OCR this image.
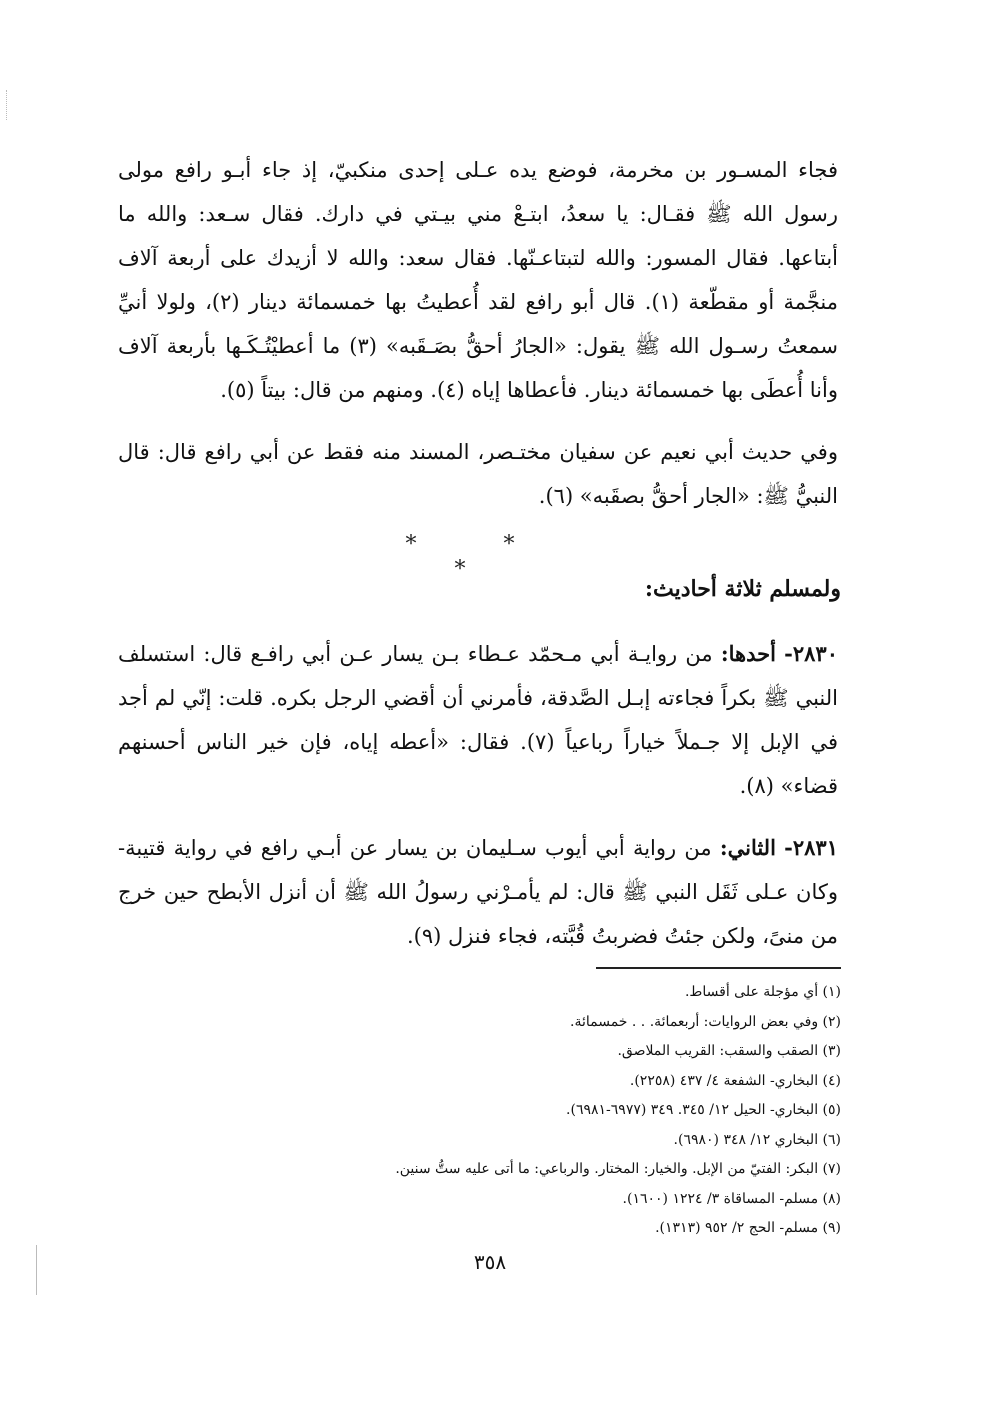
فجاء المسـور بن مخرمة، فوضع يده عـلى إحدى منكبيّ، إذ جاء أبـو رافع مولى رسول الله ﷺ فقـال: يا سعدُ، ابتـعْ مني بيـتي في دارك. فقال سـعد: والله ما أبتاعها. فقال المسور: والله لتبتاعـنّها. فقال سعد: والله لا أزيدك على أربعة آلاف منجَّمة أو مقطّعة (١). قال أبو رافع لقد أُعطيتُ بها خمسمائة دينار (٢)، ولولا أنيِّ سمعتُ رسـول الله ﷺ يقول: «الجارُ أحقُّ بصَـقَبه» (٣) ما أعطيْتُـكَـها بأربعة آلاف وأنا أُعطَى بها خمسمائة دينار. فأعطاها إياه (٤). ومنهم من قال: بيتاً (٥).

وفي حديث أبي نعيم عن سفيان مختـصر، المسند منه فقط عن أبي رافع قال: قال النبيُّ ﷺ: «الجار أحقُّ بصقَبه» (٦).

* * *
ولمسلم ثلاثة أحاديث:

٢٨٣٠- أحدها: من روايـة أبي مـحمّد عـطاء بـن يسار عـن أبي رافـع قال: استسلف النبي ﷺ بكراً فجاءته إبـل الصَّدقة، فأمرني أن أقضي الرجل بكره. قلت: إنّي لم أجد في الإبل إلا جـملاً خياراً رباعياً (٧). فقال: «أعطه إياه، فإن خير الناس أحسنهم قضاء» (٨).

٢٨٣١- الثاني: من رواية أبي أيوب سـليمان بن يسار عن أبـي رافع في رواية قتيبة- وكان عـلى ثَقَل النبي ﷺ قال: لم يأمـرْني رسولُ الله ﷺ أن أنزل الأبطح حين خرج من منىً، ولكن جئتُ فضربتُ قُبَّته، فجاء فنزل (٩).

(١) أي مؤجلة على أقساط.
(٢) وفي بعض الروايات: أربعمائة. . . خمسمائة.
(٣) الصقب والسقب: القريب الملاصق.
(٤) البخاري- الشفعة ٤/ ٤٣٧ (٢٢٥٨).
(٥) البخاري- الحيل ١٢/ ٣٤٥. ٣٤٩ (٦٩٧٧-٦٩٨١).
(٦) البخاري ١٢/ ٣٤٨ (٦٩٨٠).
(٧) البكر: الفتيّ من الإبل. والخيار: المختار. والرباعي: ما أتى عليه ستُّ سنين.
(٨) مسلم- المساقاة ٣/ ١٢٢٤ (١٦٠٠).
(٩) مسلم- الحج ٢/ ٩٥٢ (١٣١٣).
٣٥٨
